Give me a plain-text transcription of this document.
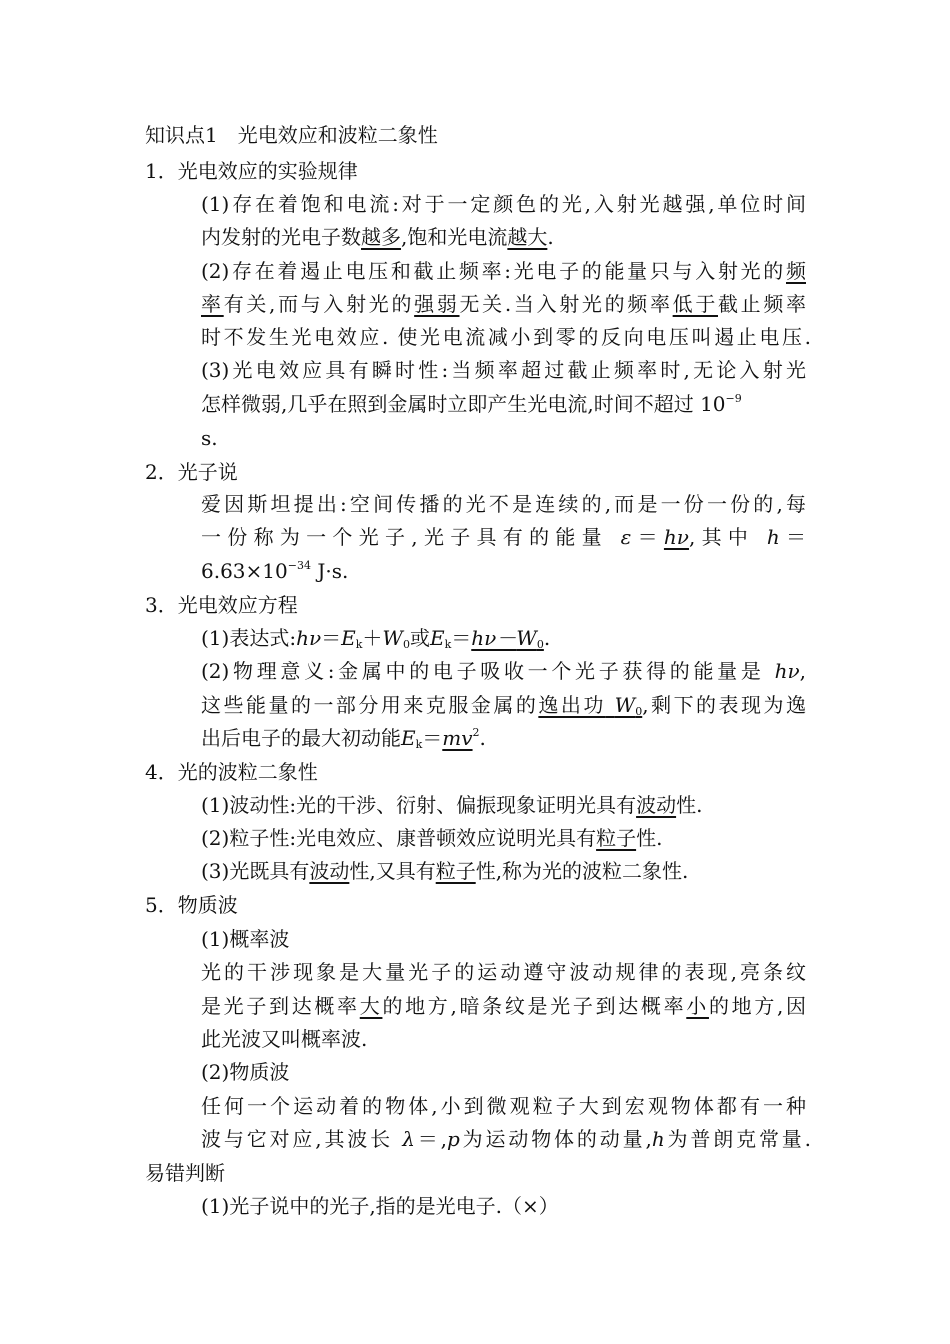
知识点1　光电效应和波粒二象性
1．光电效应的实验规律
(1)存在着饱和电流:对于一定颜色的光,入射光越强,单位时间
内发射的光电子数越多,饱和光电流越大.
(2)存在着遏止电压和截止频率:光电子的能量只与入射光的频
率有关,而与入射光的强弱无关.当入射光的频率低于截止频率
时不发生光电效应. 使光电流减小到零的反向电压叫遏止电压.
(3)光电效应具有瞬时性:当频率超过截止频率时,无论入射光
怎样微弱,几乎在照到金属时立即产生光电流,时间不超过 $10^{-9}$
s.
2．光子说
爱因斯坦提出:空间传播的光不是连续的,而是一份一份的,每
一份称为一个光子,光子具有的能量 ε＝hν,其中 h＝
$6.63\times 10^{-34}$ J·s.
3．光电效应方程
(1)表达式$:h\nu=E_k+W_0$或$E_k=h\nu-W_0$.
(2)物理意义:金属中的电子吸收一个光子获得的能量是 hν,
这些能量的一部分用来克服金属的逸出功 $W_0$,剩下的表现为逸
出后电子的最大初动能$E_k=mv^2$.
4．光的波粒二象性
(1)波动性:光的干涉、衍射、偏振现象证明光具有波动性.
(2)粒子性:光电效应、康普顿效应说明光具有粒子性.
(3)光既具有波动性,又具有粒子性,称为光的波粒二象性.
5．物质波
(1)概率波
光的干涉现象是大量光子的运动遵守波动规律的表现,亮条纹
是光子到达概率大的地方,暗条纹是光子到达概率小的地方,因
此光波又叫概率波.
(2)物质波
任何一个运动着的物体,小到微观粒子大到宏观物体都有一种
波与它对应,其波长 λ＝,p为运动物体的动量,h为普朗克常量.
易错判断
(1)光子说中的光子,指的是光电子.（×）
